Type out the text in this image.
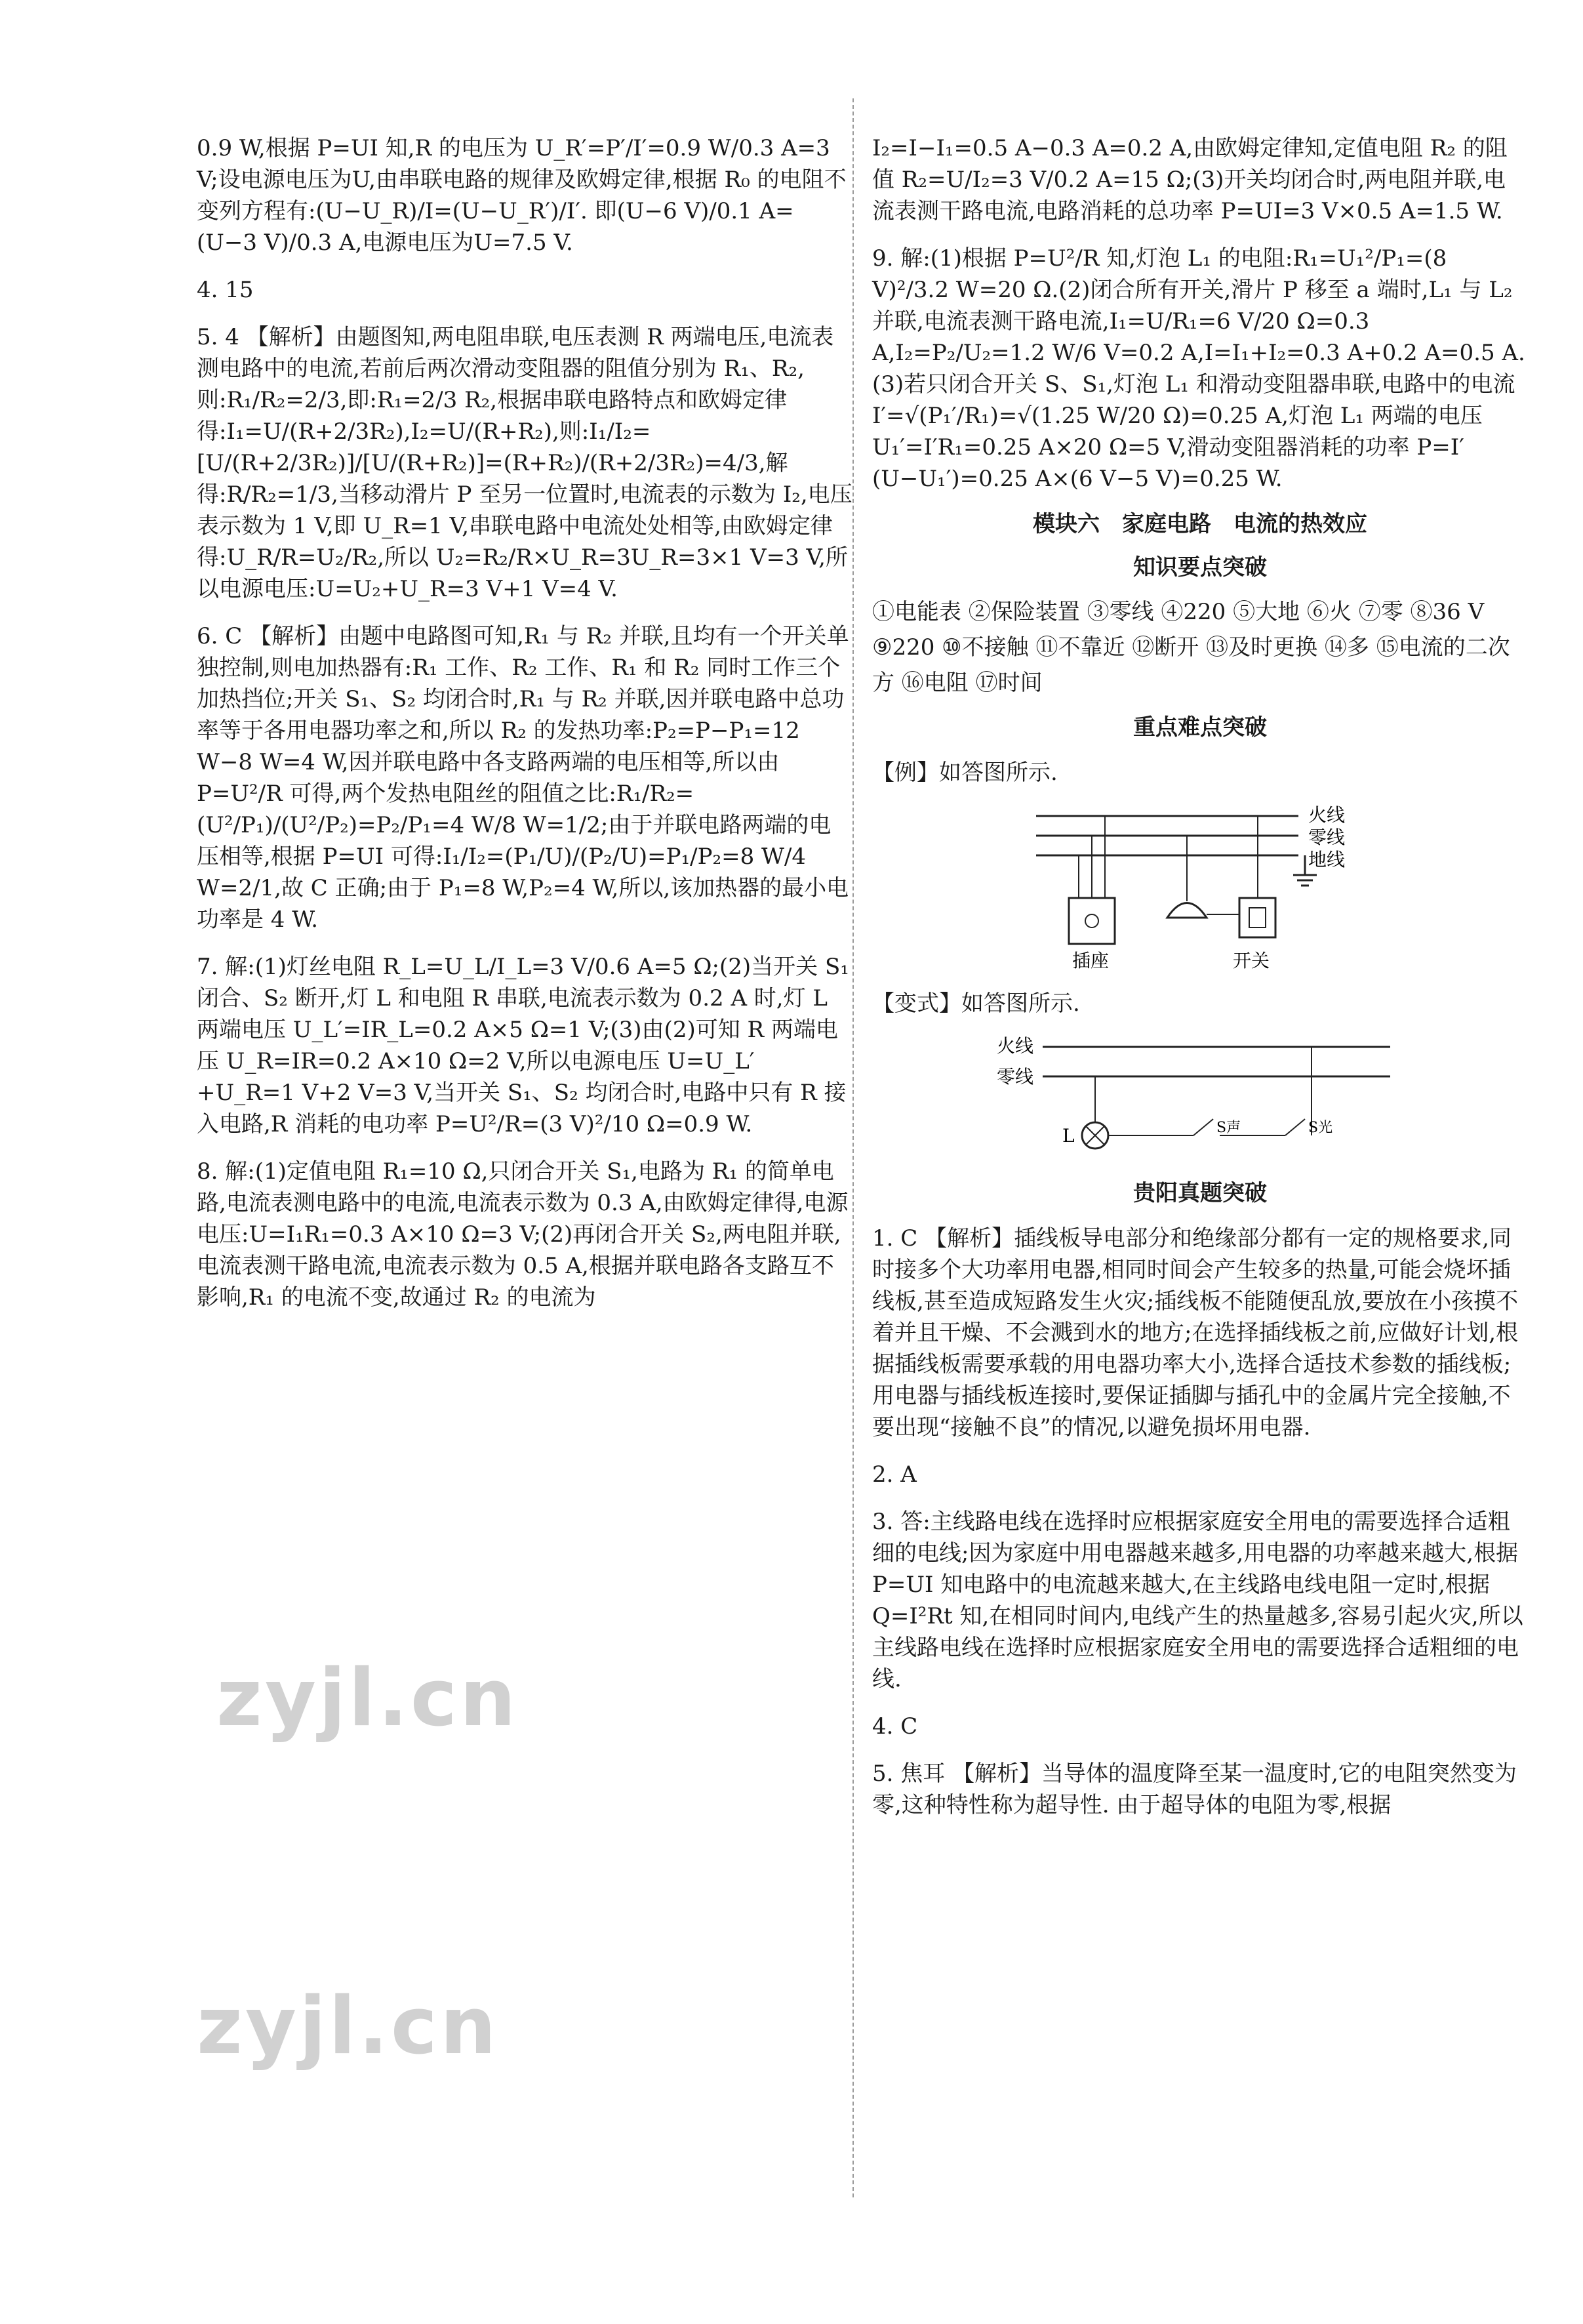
0.9 W,根据 P=UI 知,R 的电压为 U_R′=P′/I′=0.9 W/0.3 A=3 V;设电源电压为U,由串联电路的规律及欧姆定律,根据 R₀ 的电阻不变列方程有:(U−U_R)/I=(U−U_R′)/I′. 即(U−6 V)/0.1 A=(U−3 V)/0.3 A,电源电压为U=7.5 V.

4. 15

5. 4 【解析】由题图知,两电阻串联,电压表测 R 两端电压,电流表测电路中的电流,若前后两次滑动变阻器的阻值分别为 R₁、R₂,则:R₁/R₂=2/3,即:R₁=2/3 R₂,根据串联电路特点和欧姆定律得:I₁=U/(R+2/3R₂),I₂=U/(R+R₂),则:I₁/I₂=[U/(R+2/3R₂)]/[U/(R+R₂)]=(R+R₂)/(R+2/3R₂)=4/3,解得:R/R₂=1/3,当移动滑片 P 至另一位置时,电流表的示数为 I₂,电压表示数为 1 V,即 U_R=1 V,串联电路中电流处处相等,由欧姆定律得:U_R/R=U₂/R₂,所以 U₂=R₂/R×U_R=3U_R=3×1 V=3 V,所以电源电压:U=U₂+U_R=3 V+1 V=4 V.

6. C 【解析】由题中电路图可知,R₁ 与 R₂ 并联,且均有一个开关单独控制,则电加热器有:R₁ 工作、R₂ 工作、R₁ 和 R₂ 同时工作三个加热挡位;开关 S₁、S₂ 均闭合时,R₁ 与 R₂ 并联,因并联电路中总功率等于各用电器功率之和,所以 R₂ 的发热功率:P₂=P−P₁=12 W−8 W=4 W,因并联电路中各支路两端的电压相等,所以由 P=U²/R 可得,两个发热电阻丝的阻值之比:R₁/R₂=(U²/P₁)/(U²/P₂)=P₂/P₁=4 W/8 W=1/2;由于并联电路两端的电压相等,根据 P=UI 可得:I₁/I₂=(P₁/U)/(P₂/U)=P₁/P₂=8 W/4 W=2/1,故 C 正确;由于 P₁=8 W,P₂=4 W,所以,该加热器的最小电功率是 4 W.

7. 解:(1)灯丝电阻 R_L=U_L/I_L=3 V/0.6 A=5 Ω;(2)当开关 S₁ 闭合、S₂ 断开,灯 L 和电阻 R 串联,电流表示数为 0.2 A 时,灯 L 两端电压 U_L′=IR_L=0.2 A×5 Ω=1 V;(3)由(2)可知 R 两端电压 U_R=IR=0.2 A×10 Ω=2 V,所以电源电压 U=U_L′+U_R=1 V+2 V=3 V,当开关 S₁、S₂ 均闭合时,电路中只有 R 接入电路,R 消耗的电功率 P=U²/R=(3 V)²/10 Ω=0.9 W.

8. 解:(1)定值电阻 R₁=10 Ω,只闭合开关 S₁,电路为 R₁ 的简单电路,电流表测电路中的电流,电流表示数为 0.3 A,由欧姆定律得,电源电压:U=I₁R₁=0.3 A×10 Ω=3 V;(2)再闭合开关 S₂,两电阻并联,电流表测干路电流,电流表示数为 0.5 A,根据并联电路各支路互不影响,R₁ 的电流不变,故通过 R₂ 的电流为

I₂=I−I₁=0.5 A−0.3 A=0.2 A,由欧姆定律知,定值电阻 R₂ 的阻值 R₂=U/I₂=3 V/0.2 A=15 Ω;(3)开关均闭合时,两电阻并联,电流表测干路电流,电路消耗的总功率 P=UI=3 V×0.5 A=1.5 W.

9. 解:(1)根据 P=U²/R 知,灯泡 L₁ 的电阻:R₁=U₁²/P₁=(8 V)²/3.2 W=20 Ω.(2)闭合所有开关,滑片 P 移至 a 端时,L₁ 与 L₂ 并联,电流表测干路电流,I₁=U/R₁=6 V/20 Ω=0.3 A,I₂=P₂/U₂=1.2 W/6 V=0.2 A,I=I₁+I₂=0.3 A+0.2 A=0.5 A.(3)若只闭合开关 S、S₁,灯泡 L₁ 和滑动变阻器串联,电路中的电流 I′=√(P₁′/R₁)=√(1.25 W/20 Ω)=0.25 A,灯泡 L₁ 两端的电压 U₁′=I′R₁=0.25 A×20 Ω=5 V,滑动变阻器消耗的功率 P=I′(U−U₁′)=0.25 A×(6 V−5 V)=0.25 W.

模块六　家庭电路　电流的热效应
知识要点突破

①电能表 ②保险装置 ③零线 ④220 ⑤大地 ⑥火 ⑦零 ⑧36 V ⑨220 ⑩不接触 ⑪不靠近 ⑫断开 ⑬及时更换 ⑭多 ⑮电流的二次方 ⑯电阻 ⑰时间

重点难点突破

【例】如答图所示.

火线
零线
地线
插座	开关

【变式】如答图所示.

火线
零线
L	S声	S光
贵阳真题突破

1. C 【解析】插线板导电部分和绝缘部分都有一定的规格要求,同时接多个大功率用电器,相同时间会产生较多的热量,可能会烧坏插线板,甚至造成短路发生火灾;插线板不能随便乱放,要放在小孩摸不着并且干燥、不会溅到水的地方;在选择插线板之前,应做好计划,根据插线板需要承载的用电器功率大小,选择合适技术参数的插线板;用电器与插线板连接时,要保证插脚与插孔中的金属片完全接触,不要出现“接触不良”的情况,以避免损坏用电器.

2. A

3. 答:主线路电线在选择时应根据家庭安全用电的需要选择合适粗细的电线;因为家庭中用电器越来越多,用电器的功率越来越大,根据 P=UI 知电路中的电流越来越大,在主线路电线电阻一定时,根据 Q=I²Rt 知,在相同时间内,电线产生的热量越多,容易引起火灾,所以主线路电线在选择时应根据家庭安全用电的需要选择合适粗细的电线.

4. C

5. 焦耳 【解析】当导体的温度降至某一温度时,它的电阻突然变为零,这种特性称为超导性. 由于超导体的电阻为零,根据

zyjl.cn
zyjl.cn
